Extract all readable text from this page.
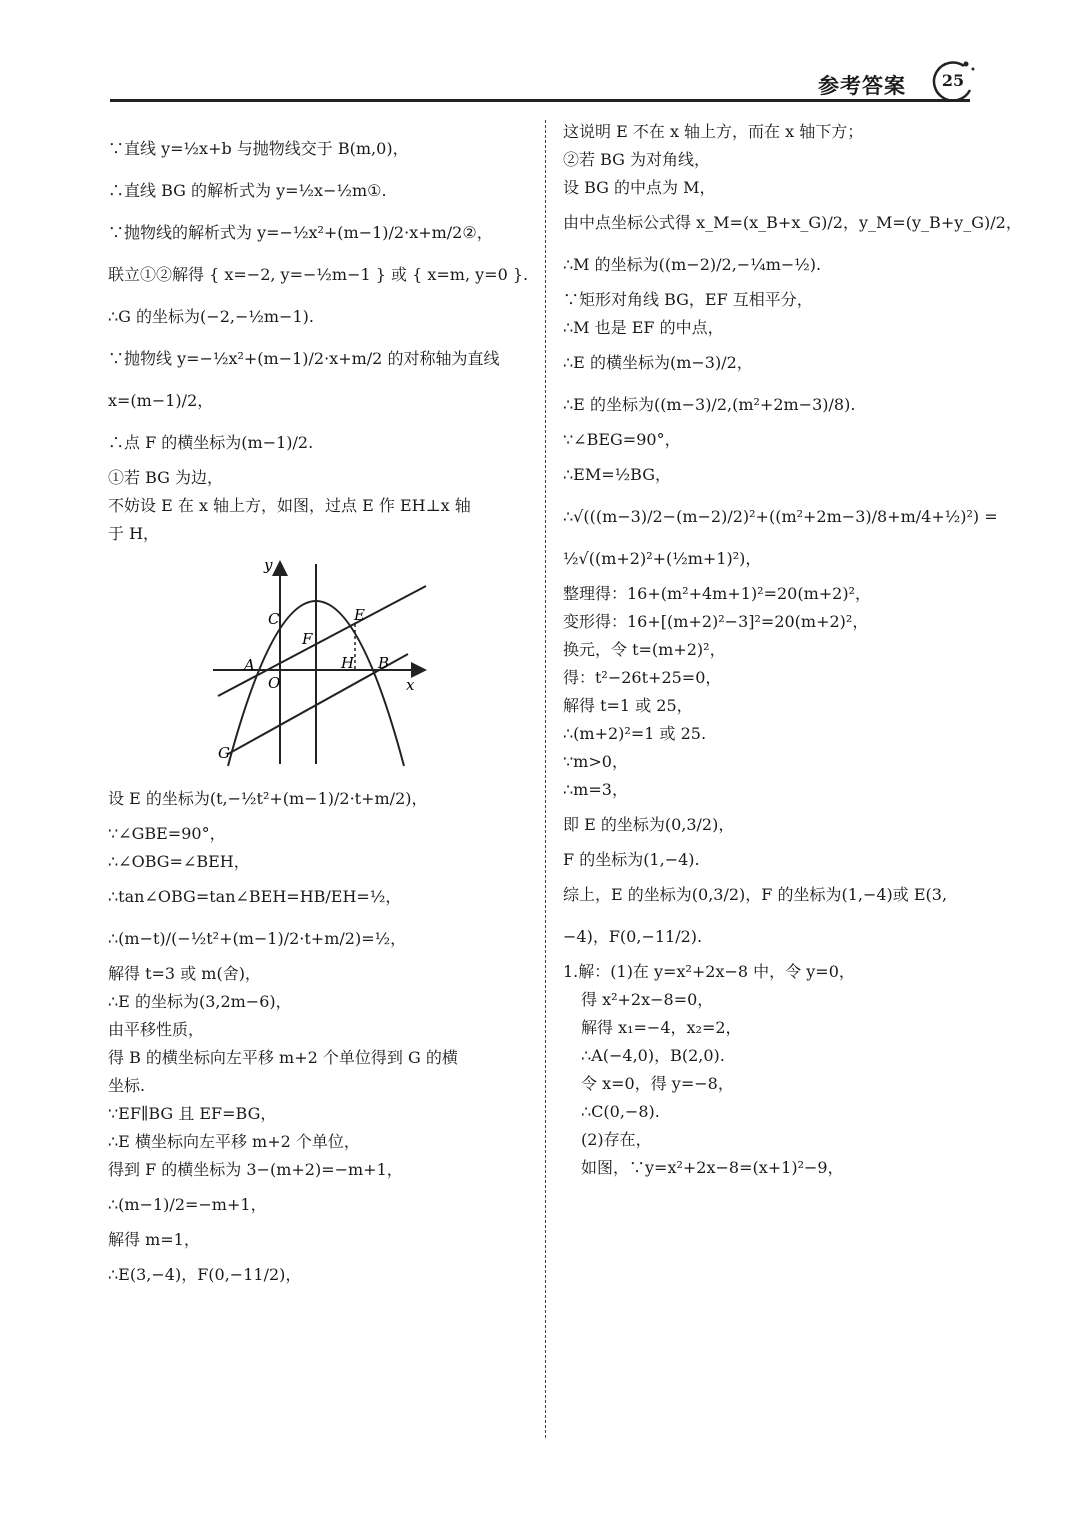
参考答案	25
∵直线 y=½x+b 与抛物线交于 B(m,0)，
∴直线 BG 的解析式为 y=½x−½m①.
∵抛物线的解析式为 y=−½x²+(m−1)/2·x+m/2②，
联立①②解得 { x=−2, y=−½m−1 } 或 { x=m, y=0 }.
∴G 的坐标为(−2,−½m−1).
∵抛物线 y=−½x²+(m−1)/2·x+m/2 的对称轴为直线
x=(m−1)/2，
∴点 F 的横坐标为(m−1)/2.
①若 BG 为边，
不妨设 E 在 x 轴上方，如图，过点 E 作 EH⊥x 轴
于 H，
y
C	E
F
A	H B
O	x
G
设 E 的坐标为(t,−½t²+(m−1)/2·t+m/2)，
∵∠GBE=90°，
∴∠OBG=∠BEH，
∴tan∠OBG=tan∠BEH=HB/EH=½，
∴(m−t)/(−½t²+(m−1)/2·t+m/2)=½，
解得 t=3 或 m(舍)，
∴E 的坐标为(3,2m−6)，
由平移性质，
得 B 的横坐标向左平移 m+2 个单位得到 G 的横
坐标.
∵EF∥BG 且 EF=BG，
∴E 横坐标向左平移 m+2 个单位，
得到 F 的横坐标为 3−(m+2)=−m+1，
∴(m−1)/2=−m+1，
解得 m=1，
∴E(3,−4)，F(0,−11/2)，
这说明 E 不在 x 轴上方，而在 x 轴下方；
②若 BG 为对角线，
设 BG 的中点为 M，
由中点坐标公式得 x_M=(x_B+x_G)/2，y_M=(y_B+y_G)/2，
∴M 的坐标为((m−2)/2,−¼m−½).
∵矩形对角线 BG，EF 互相平分，
∴M 也是 EF 的中点，
∴E 的横坐标为(m−3)/2，
∴E 的坐标为((m−3)/2,(m²+2m−3)/8).
∵∠BEG=90°，
∴EM=½BG，
∴√(((m−3)/2−(m−2)/2)²+((m²+2m−3)/8+m/4+½)²) =
½√((m+2)²+(½m+1)²)，
整理得：16+(m²+4m+1)²=20(m+2)²，
变形得：16+[(m+2)²−3]²=20(m+2)²，
换元，令 t=(m+2)²，
得：t²−26t+25=0，
解得 t=1 或 25，
∴(m+2)²=1 或 25.
∵m>0，
∴m=3，
即 E 的坐标为(0,3/2)，
F 的坐标为(1,−4).
综上，E 的坐标为(0,3/2)，F 的坐标为(1,−4)或 E(3,
−4)，F(0,−11/2).
1.解：(1)在 y=x²+2x−8 中，令 y=0，
得 x²+2x−8=0，
解得 x₁=−4，x₂=2，
∴A(−4,0)，B(2,0).
令 x=0，得 y=−8，
∴C(0,−8).
(2)存在，
如图，∵y=x²+2x−8=(x+1)²−9，
